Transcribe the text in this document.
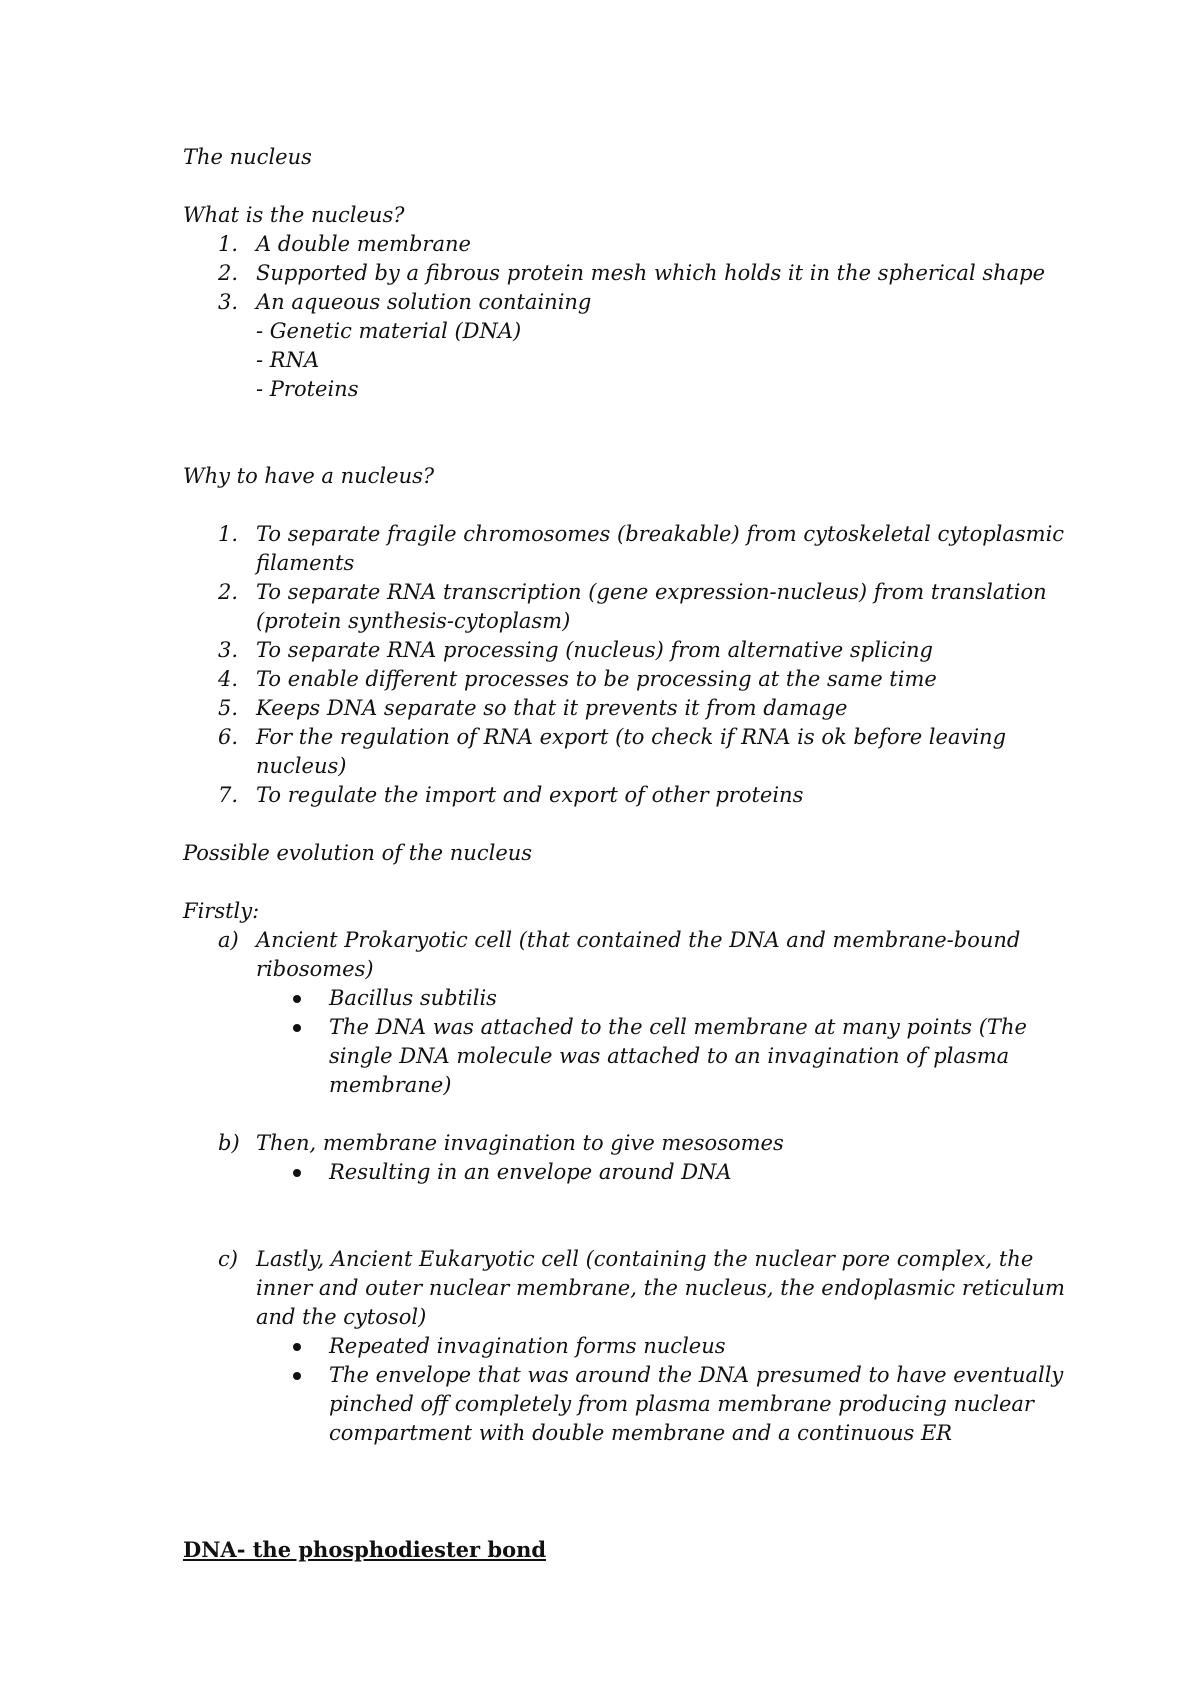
The nucleus

What is the nucleus?

1. A double membrane
2. Supported by a fibrous protein mesh which holds it in the spherical shape
3. An aqueous solution containing
- Genetic material (DNA)
- RNA
- Proteins

Why to have a nucleus?

1. To separate fragile chromosomes (breakable) from cytoskeletal cytoplasmic filaments
2. To separate RNA transcription (gene expression-nucleus) from translation (protein synthesis-cytoplasm)
3. To separate RNA processing (nucleus) from alternative splicing
4. To enable different processes to be processing at the same time
5. Keeps DNA separate so that it prevents it from damage
6. For the regulation of RNA export (to check if RNA is ok before leaving nucleus)
7. To regulate the import and export of other proteins

Possible evolution of the nucleus

Firstly:

a) Ancient Prokaryotic cell (that contained the DNA and membrane-bound ribosomes)
Bacillus subtilis
The DNA was attached to the cell membrane at many points (The single DNA molecule was attached to an invagination of plasma membrane)
b) Then, membrane invagination to give mesosomes
Resulting in an envelope around DNA
c) Lastly, Ancient Eukaryotic cell (containing the nuclear pore complex, the inner and outer nuclear membrane, the nucleus, the endoplasmic reticulum and the cytosol)
Repeated invagination forms nucleus
The envelope that was around the DNA presumed to have eventually pinched off completely from plasma membrane producing nuclear compartment with double membrane and a continuous ER

DNA- the phosphodiester bond
